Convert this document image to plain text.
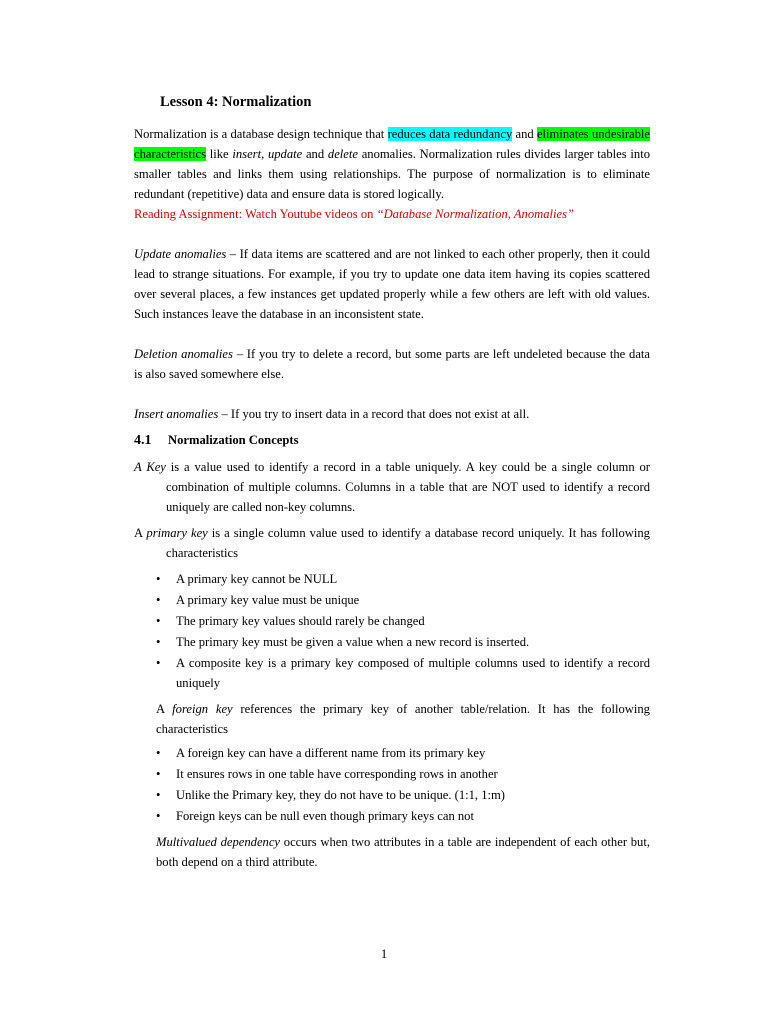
Lesson 4: Normalization

Normalization is a database design technique that reduces data redundancy and eliminates undesirable characteristics like insert, update and delete anomalies. Normalization rules divides larger tables into smaller tables and links them using relationships. The purpose of normalization is to eliminate redundant (repetitive) data and ensure data is stored logically.

Reading Assignment: Watch Youtube videos on “Database Normalization, Anomalies”

Update anomalies – If data items are scattered and are not linked to each other properly, then it could lead to strange situations. For example, if you try to update one data item having its copies scattered over several places, a few instances get updated properly while a few others are left with old values. Such instances leave the database in an inconsistent state.

Deletion anomalies – If you try to delete a record, but some parts are left undeleted because the data is also saved somewhere else.

Insert anomalies – If you try to insert data in a record that does not exist at all.

4.1	Normalization Concepts

A Key is a value used to identify a record in a table uniquely. A key could be a single column or combination of multiple columns. Columns in a table that are NOT used to identify a record uniquely are called non-key columns.

A primary key is a single column value used to identify a database record uniquely. It has following characteristics

• A primary key cannot be NULL
• A primary key value must be unique
• The primary key values should rarely be changed
• The primary key must be given a value when a new record is inserted.
• A composite key is a primary key composed of multiple columns used to identify a record uniquely

A foreign key references the primary key of another table/relation. It has the following characteristics

• A foreign key can have a different name from its primary key
• It ensures rows in one table have corresponding rows in another
• Unlike the Primary key, they do not have to be unique. (1:1, 1:m)
• Foreign keys can be null even though primary keys can not

Multivalued dependency occurs when two attributes in a table are independent of each other but, both depend on a third attribute.

1
